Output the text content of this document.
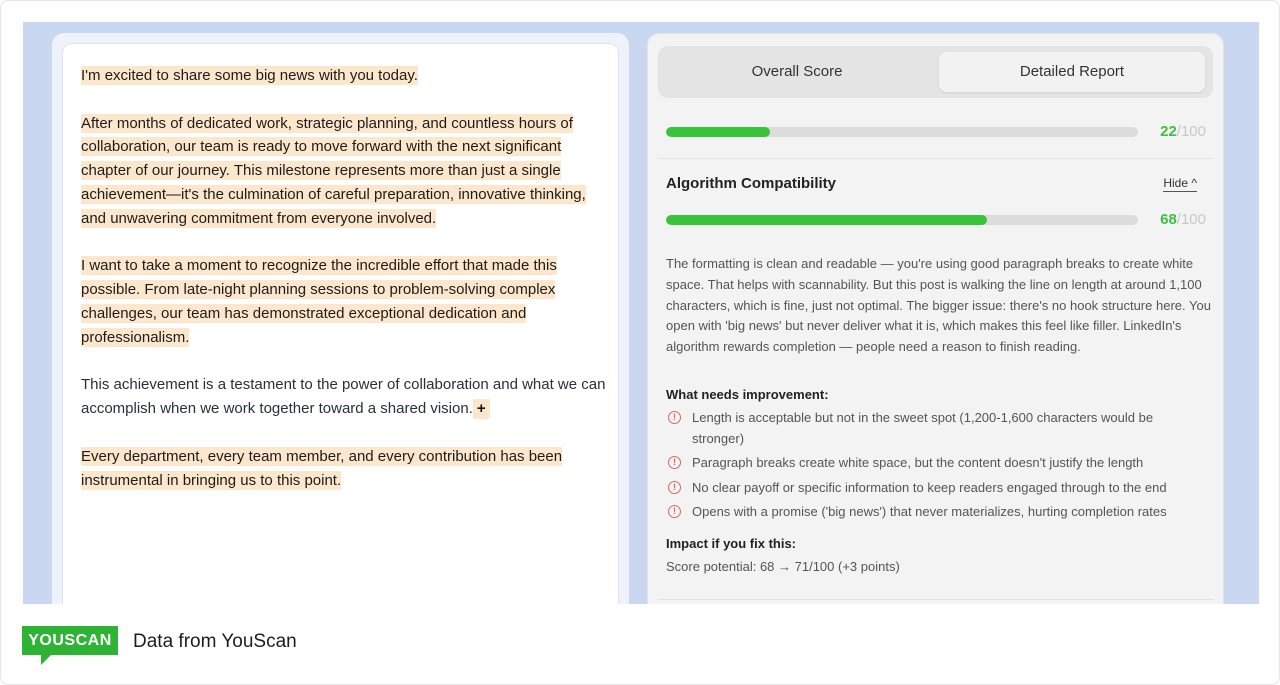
I'm excited to share some big news with you today.

After months of dedicated work, strategic planning, and countless hours of collaboration, our team is ready to move forward with the next significant chapter of our journey. This milestone represents more than just a single achievement—it's the culmination of careful preparation, innovative thinking, and unwavering commitment from everyone involved.

I want to take a moment to recognize the incredible effort that made this possible. From late-night planning sessions to problem-solving complex challenges, our team has demonstrated exceptional dedication and professionalism.

This achievement is a testament to the power of collaboration and what we can accomplish when we work together toward a shared vision. +

Every department, every team member, and every contribution has been instrumental in bringing us to this point.

Overall Score	Detailed Report
22/100
Algorithm Compatibility	Hide ^
68/100

The formatting is clean and readable — you're using good paragraph breaks to create white space. That helps with scannability. But this post is walking the line on length at around 1,100 characters, which is fine, just not optimal. The bigger issue: there's no hook structure here. You open with 'big news' but never deliver what it is, which makes this feel like filler. LinkedIn's algorithm rewards completion — people need a reason to finish reading.

What needs improvement:
!	Length is acceptable but not in the sweet spot (1,200-1,600 characters would be stronger)
!	Paragraph breaks create white space, but the content doesn't justify the length
!	No clear payoff or specific information to keep readers engaged through to the end
!	Opens with a promise ('big news') that never materializes, hurting completion rates
Impact if you fix this:
Score potential: 68 → 71/100 (+3 points)
YOUSCAN	Data from YouScan
